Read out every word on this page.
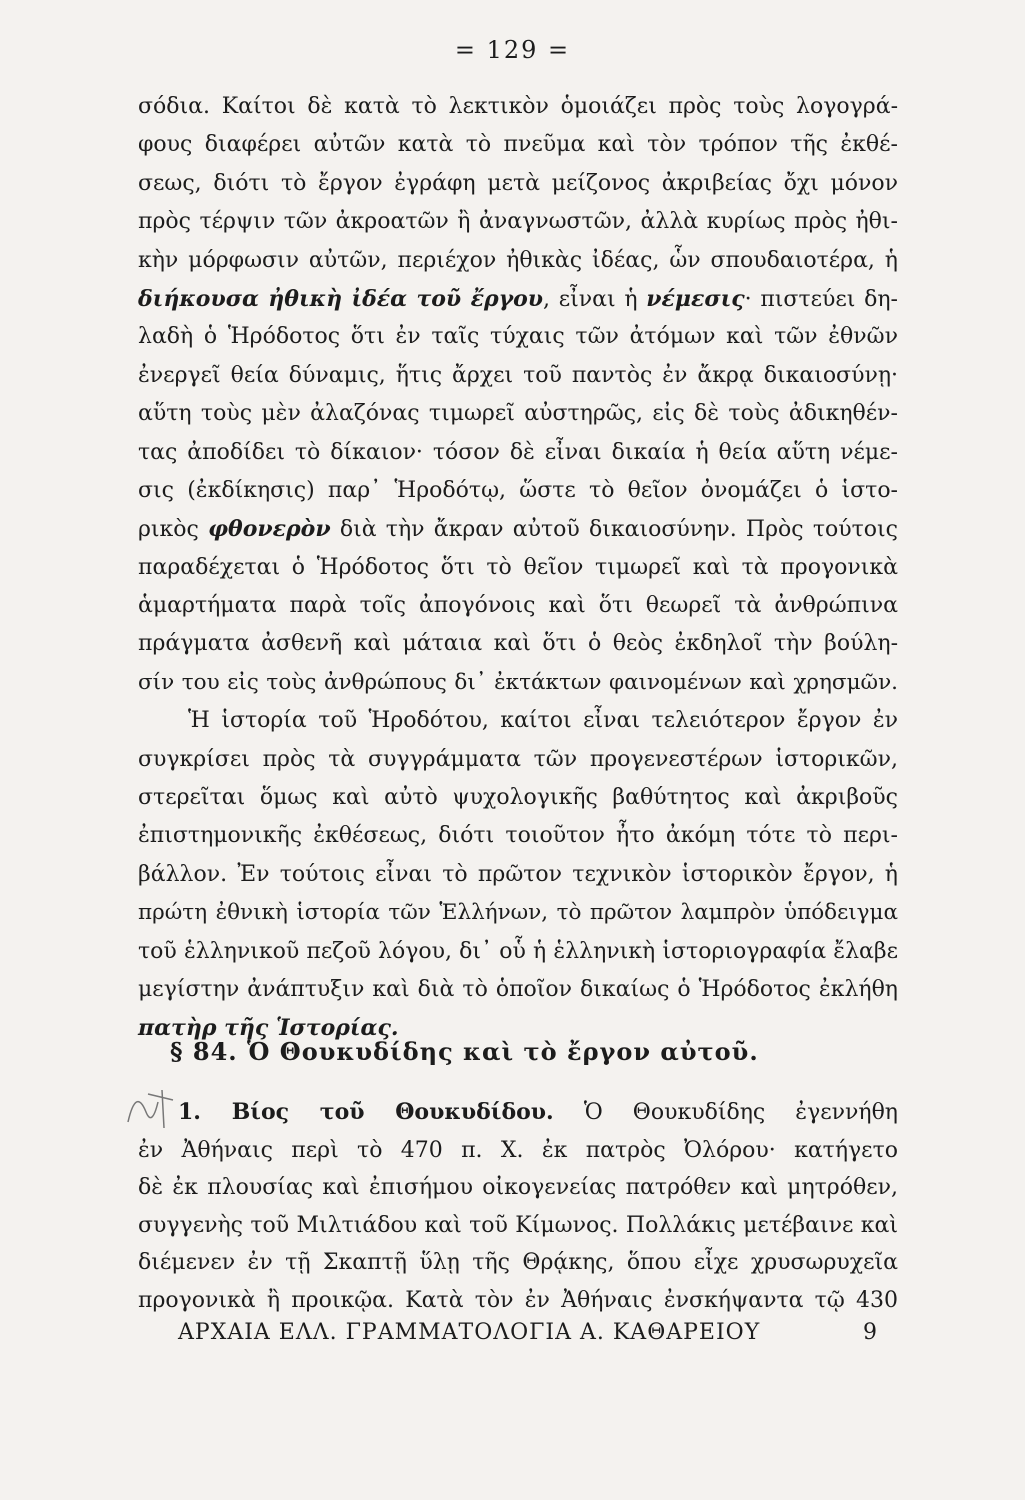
= 129 =
σόδια. Καίτοι δὲ κατὰ τὸ λεκτικὸν ὁμοιάζει πρὸς τοὺς λογογρά-
φους διαφέρει αὐτῶν κατὰ τὸ πνεῦμα καὶ τὸν τρόπον τῆς ἐκθέ-
σεως, διότι τὸ ἔργον ἐγράφη μετὰ μείζονος ἀκριβείας ὄχι μόνον
πρὸς τέρψιν τῶν ἀκροατῶν ἢ ἀναγνωστῶν, ἀλλὰ κυρίως πρὸς ἠθι-
κὴν μόρφωσιν αὐτῶν, περιέχον ἠθικὰς ἰδέας, ὧν σπουδαιοτέρα, ἡ
διήκουσα ἠθικὴ ἰδέα τοῦ ἔργου, εἶναι ἡ νέμεσις· πιστεύει δη-
λαδὴ ὁ Ἡρόδοτος ὅτι ἐν ταῖς τύχαις τῶν ἀτόμων καὶ τῶν ἐθνῶν
ἐνεργεῖ θεία δύναμις, ἥτις ἄρχει τοῦ παντὸς ἐν ἄκρᾳ δικαιοσύνῃ·
αὕτη τοὺς μὲν ἀλαζόνας τιμωρεῖ αὐστηρῶς, εἰς δὲ τοὺς ἀδικηθέν-
τας ἀποδίδει τὸ δίκαιον· τόσον δὲ εἶναι δικαία ἡ θεία αὕτη νέμε-
σις (ἐκδίκησις) παρ᾽ Ἡροδότῳ, ὥστε τὸ θεῖον ὀνομάζει ὁ ἱστο-
ρικὸς φθονερὸν διὰ τὴν ἄκραν αὐτοῦ δικαιοσύνην. Πρὸς τούτοις
παραδέχεται ὁ Ἡρόδοτος ὅτι τὸ θεῖον τιμωρεῖ καὶ τὰ προγονικὰ
ἁμαρτήματα παρὰ τοῖς ἀπογόνοις καὶ ὅτι θεωρεῖ τὰ ἀνθρώπινα
πράγματα ἀσθενῆ καὶ μάταια καὶ ὅτι ὁ θεὸς ἐκδηλοῖ τὴν βούλη-
σίν του εἰς τοὺς ἀνθρώπους δι᾽ ἐκτάκτων φαινομένων καὶ χρησμῶν.
Ἡ ἱστορία τοῦ Ἡροδότου, καίτοι εἶναι τελειότερον ἔργον ἐν
συγκρίσει πρὸς τὰ συγγράμματα τῶν προγενεστέρων ἱστορικῶν,
στερεῖται ὅμως καὶ αὐτὸ ψυχολογικῆς βαθύτητος καὶ ἀκριβοῦς
ἐπιστημονικῆς ἐκθέσεως, διότι τοιοῦτον ἦτο ἀκόμη τότε τὸ περι-
βάλλον. Ἐν τούτοις εἶναι τὸ πρῶτον τεχνικὸν ἱστορικὸν ἔργον, ἡ
πρώτη ἐθνικὴ ἱστορία τῶν Ἑλλήνων, τὸ πρῶτον λαμπρὸν ὑπόδειγμα
τοῦ ἑλληνικοῦ πεζοῦ λόγου, δι᾽ οὗ ἡ ἑλληνικὴ ἱστοριογραφία ἔλαβε
μεγίστην ἀνάπτυξιν καὶ διὰ τὸ ὁποῖον δικαίως ὁ Ἡρόδοτος ἐκλήθη
πατὴρ τῆς Ἱστορίας.
§ 84. Ὁ Θουκυδίδης καὶ τὸ ἔργον αὐτοῦ.
1. Βίος τοῦ Θουκυδίδου. Ὁ Θουκυδίδης ἐγεννήθη
ἐν Ἀθήναις περὶ τὸ 470 π. Χ. ἐκ πατρὸς Ὀλόρου· κατήγετο
δὲ ἐκ πλουσίας καὶ ἐπισήμου οἰκογενείας πατρόθεν καὶ μητρόθεν,
συγγενὴς τοῦ Μιλτιάδου καὶ τοῦ Κίμωνος. Πολλάκις μετέβαινε καὶ
διέμενεν ἐν τῇ Σκαπτῇ ὕλῃ τῆς Θρᾴκης, ὅπου εἶχε χρυσωρυχεῖα
προγονικὰ ἢ προικῷα. Κατὰ τὸν ἐν Ἀθήναις ἐνσκήψαντα τῷ 430
ΑΡΧΑΙΑ ΕΛΛ. ΓΡΑΜΜΑΤΟΛΟΓΙΑ Α. ΚΑΘΑΡΕΙΟΥ	9
